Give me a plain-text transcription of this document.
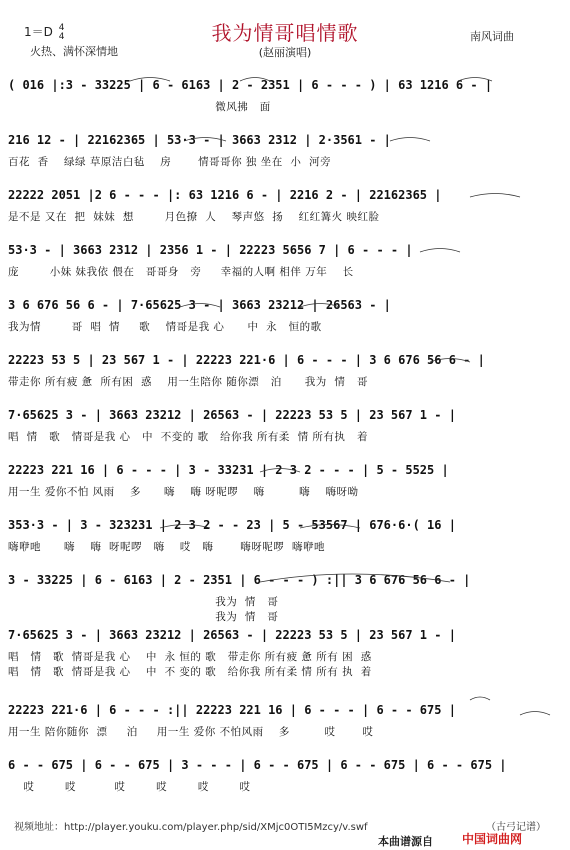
1＝D 4
4
火热、满怀深情地
我为情哥唱情歌
(赵丽演唱)
南风词曲
( 016 |:3 - 33225 | 6 - 6163 | 2 - 2351 | 6 - - - ) | 63 1216 6 - |
微风拂   面
216 12 - | 22162365 | 53·3 - | 3663 2312 | 2·3561 - |
百花  香    绿绿 草原洁白毡    房       情哥哥你 独 坐在  小  河旁
22222 2051 |2 6 - - - |: 63 1216 6 - | 2216 2 - | 22162365 |
是不是 又在  把  妹妹  想        月色撩  人    琴声悠  扬    红红篝火 映红脸
53·3 - | 3663 2312 | 2356 1 - | 22223 5656 7 | 6 - - - |
庞        小妹 妹我依 偎在   哥哥身   旁     幸福的人啊 相伴 万年    长
3 6 676 56 6 - | 7·65625 3 - | 3663 23212 | 26563 - |
我为情        哥  唱  情     歌    情哥是我 心      中  永   恒的歌
22223 53 5 | 23 567 1 - | 22223 221·6 | 6 - - - | 3 6 676 56 6 - |
带走你 所有疲 惫  所有困  惑    用一生陪你 随你漂   泊      我为  情   哥
7·65625 3 - | 3663 23212 | 26563 - | 22223 53 5 | 23 567 1 - |
唱  情   歌   情哥是我 心   中  不变的 歌   给你我 所有柔  情 所有执   着
22223 221 16 | 6 - - - | 3 - 33231 | 2 3 2 - - - | 5 - 5525 |
用一生 爱你不怕 风雨    多      嗨    嗨 呀呢啰    嗨         嗨    嗨呀呦
353·3 - | 3 - 323231 | 2 3 2 - - 23 | 5 - 53567 | 676·6·( 16 |
嗨咿吔      嗨    嗨  呀呢啰   嗨    哎   嗨       嗨呀呢啰  嗨咿吔
3 - 33225 | 6 - 6163 | 2 - 2351 | 6 - - - ) :|| 3 6 676 56 6 - |
我为  情   哥
我为  情   哥
7·65625 3 - | 3663 23212 | 26563 - | 22223 53 5 | 23 567 1 - |
唱   情   歌  情哥是我 心    中  永 恒的 歌   带走你 所有疲 惫 所有 困  惑
唱   情   歌  情哥是我 心    中  不 变的 歌   给你我 所有柔 情 所有 执  着
22223 221·6 | 6 - - - :|| 22223 221 16 | 6 - - - | 6 - - 675 |
用一生 陪你随你  漂     泊     用一生 爱你 不怕风雨    多         哎       哎
6 - - 675 | 6 - - 675 | 3 - - - | 6 - - 675 | 6 - - 675 | 6 - - 675 |
哎        哎          哎        哎        哎        哎
视频地址：http://player.youku.com/player.php/sid/XMjc0OTI5Mzcy/v.swf	（古弓记谱）
本曲谱源自 中国词曲网
